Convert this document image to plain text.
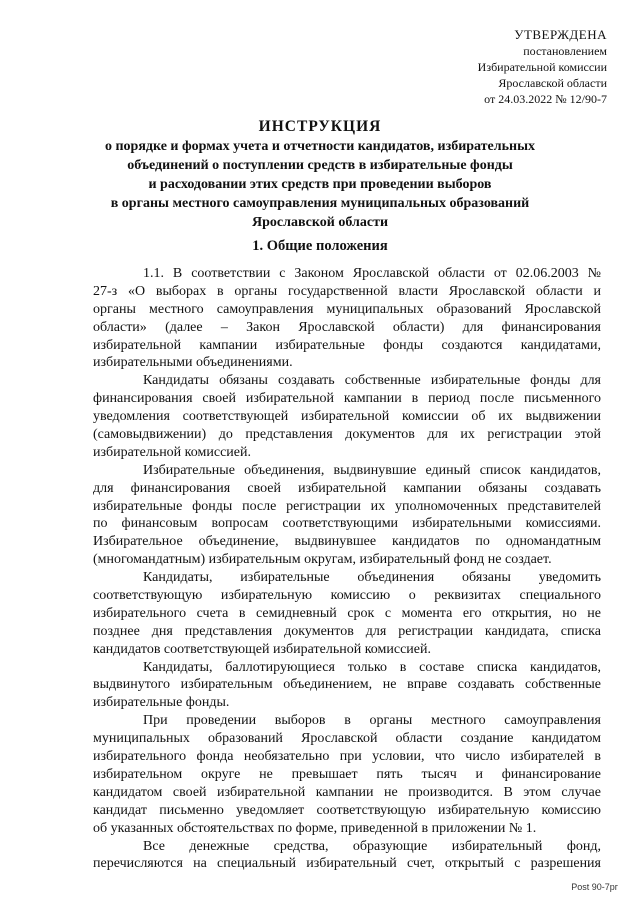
УТВЕРЖДЕНА
постановлением
Избирательной комиссии
Ярославской области
от 24.03.2022 № 12/90-7
ИНСТРУКЦИЯ
о порядке и формах учета и отчетности кандидатов, избирательных
объединений о поступлении средств в избирательные фонды
и расходовании этих средств при проведении выборов
в органы местного самоуправления муниципальных образований
Ярославской области
1. Общие положения
1.1. В соответствии с Законом Ярославской области от 02.06.2003 №
27-з «О выборах в органы государственной власти Ярославской области и
органы местного самоуправления муниципальных образований Ярославской
области» (далее – Закон Ярославской области) для финансирования
избирательной кампании избирательные фонды создаются кандидатами,
избирательными объединениями.
Кандидаты обязаны создавать собственные избирательные фонды для
финансирования своей избирательной кампании в период после письменного
уведомления соответствующей избирательной комиссии об их выдвижении
(самовыдвижении) до представления документов для их регистрации этой
избирательной комиссией.
Избирательные объединения, выдвинувшие единый список кандидатов,
для финансирования своей избирательной кампании обязаны создавать
избирательные фонды после регистрации их уполномоченных представителей
по финансовым вопросам соответствующими избирательными комиссиями.
Избирательное объединение, выдвинувшее кандидатов по одномандатным
(многомандатным) избирательным округам, избирательный фонд не создает.
Кандидаты, избирательные объединения обязаны уведомить
соответствующую избирательную комиссию о реквизитах специального
избирательного счета в семидневный срок с момента его открытия, но не
позднее дня представления документов для регистрации кандидата, списка
кандидатов соответствующей избирательной комиссией.
Кандидаты, баллотирующиеся только в составе списка кандидатов,
выдвинутого избирательным объединением, не вправе создавать собственные
избирательные фонды.
При проведении выборов в органы местного самоуправления
муниципальных образований Ярославской области создание кандидатом
избирательного фонда необязательно при условии, что число избирателей в
избирательном округе не превышает пять тысяч и финансирование
кандидатом своей избирательной кампании не производится. В этом случае
кандидат письменно уведомляет соответствующую избирательную комиссию
об указанных обстоятельствах по форме, приведенной в приложении № 1.
Все денежные средства, образующие избирательный фонд,
перечисляются на специальный избирательный счет, открытый с разрешения
Post 90-7рг
